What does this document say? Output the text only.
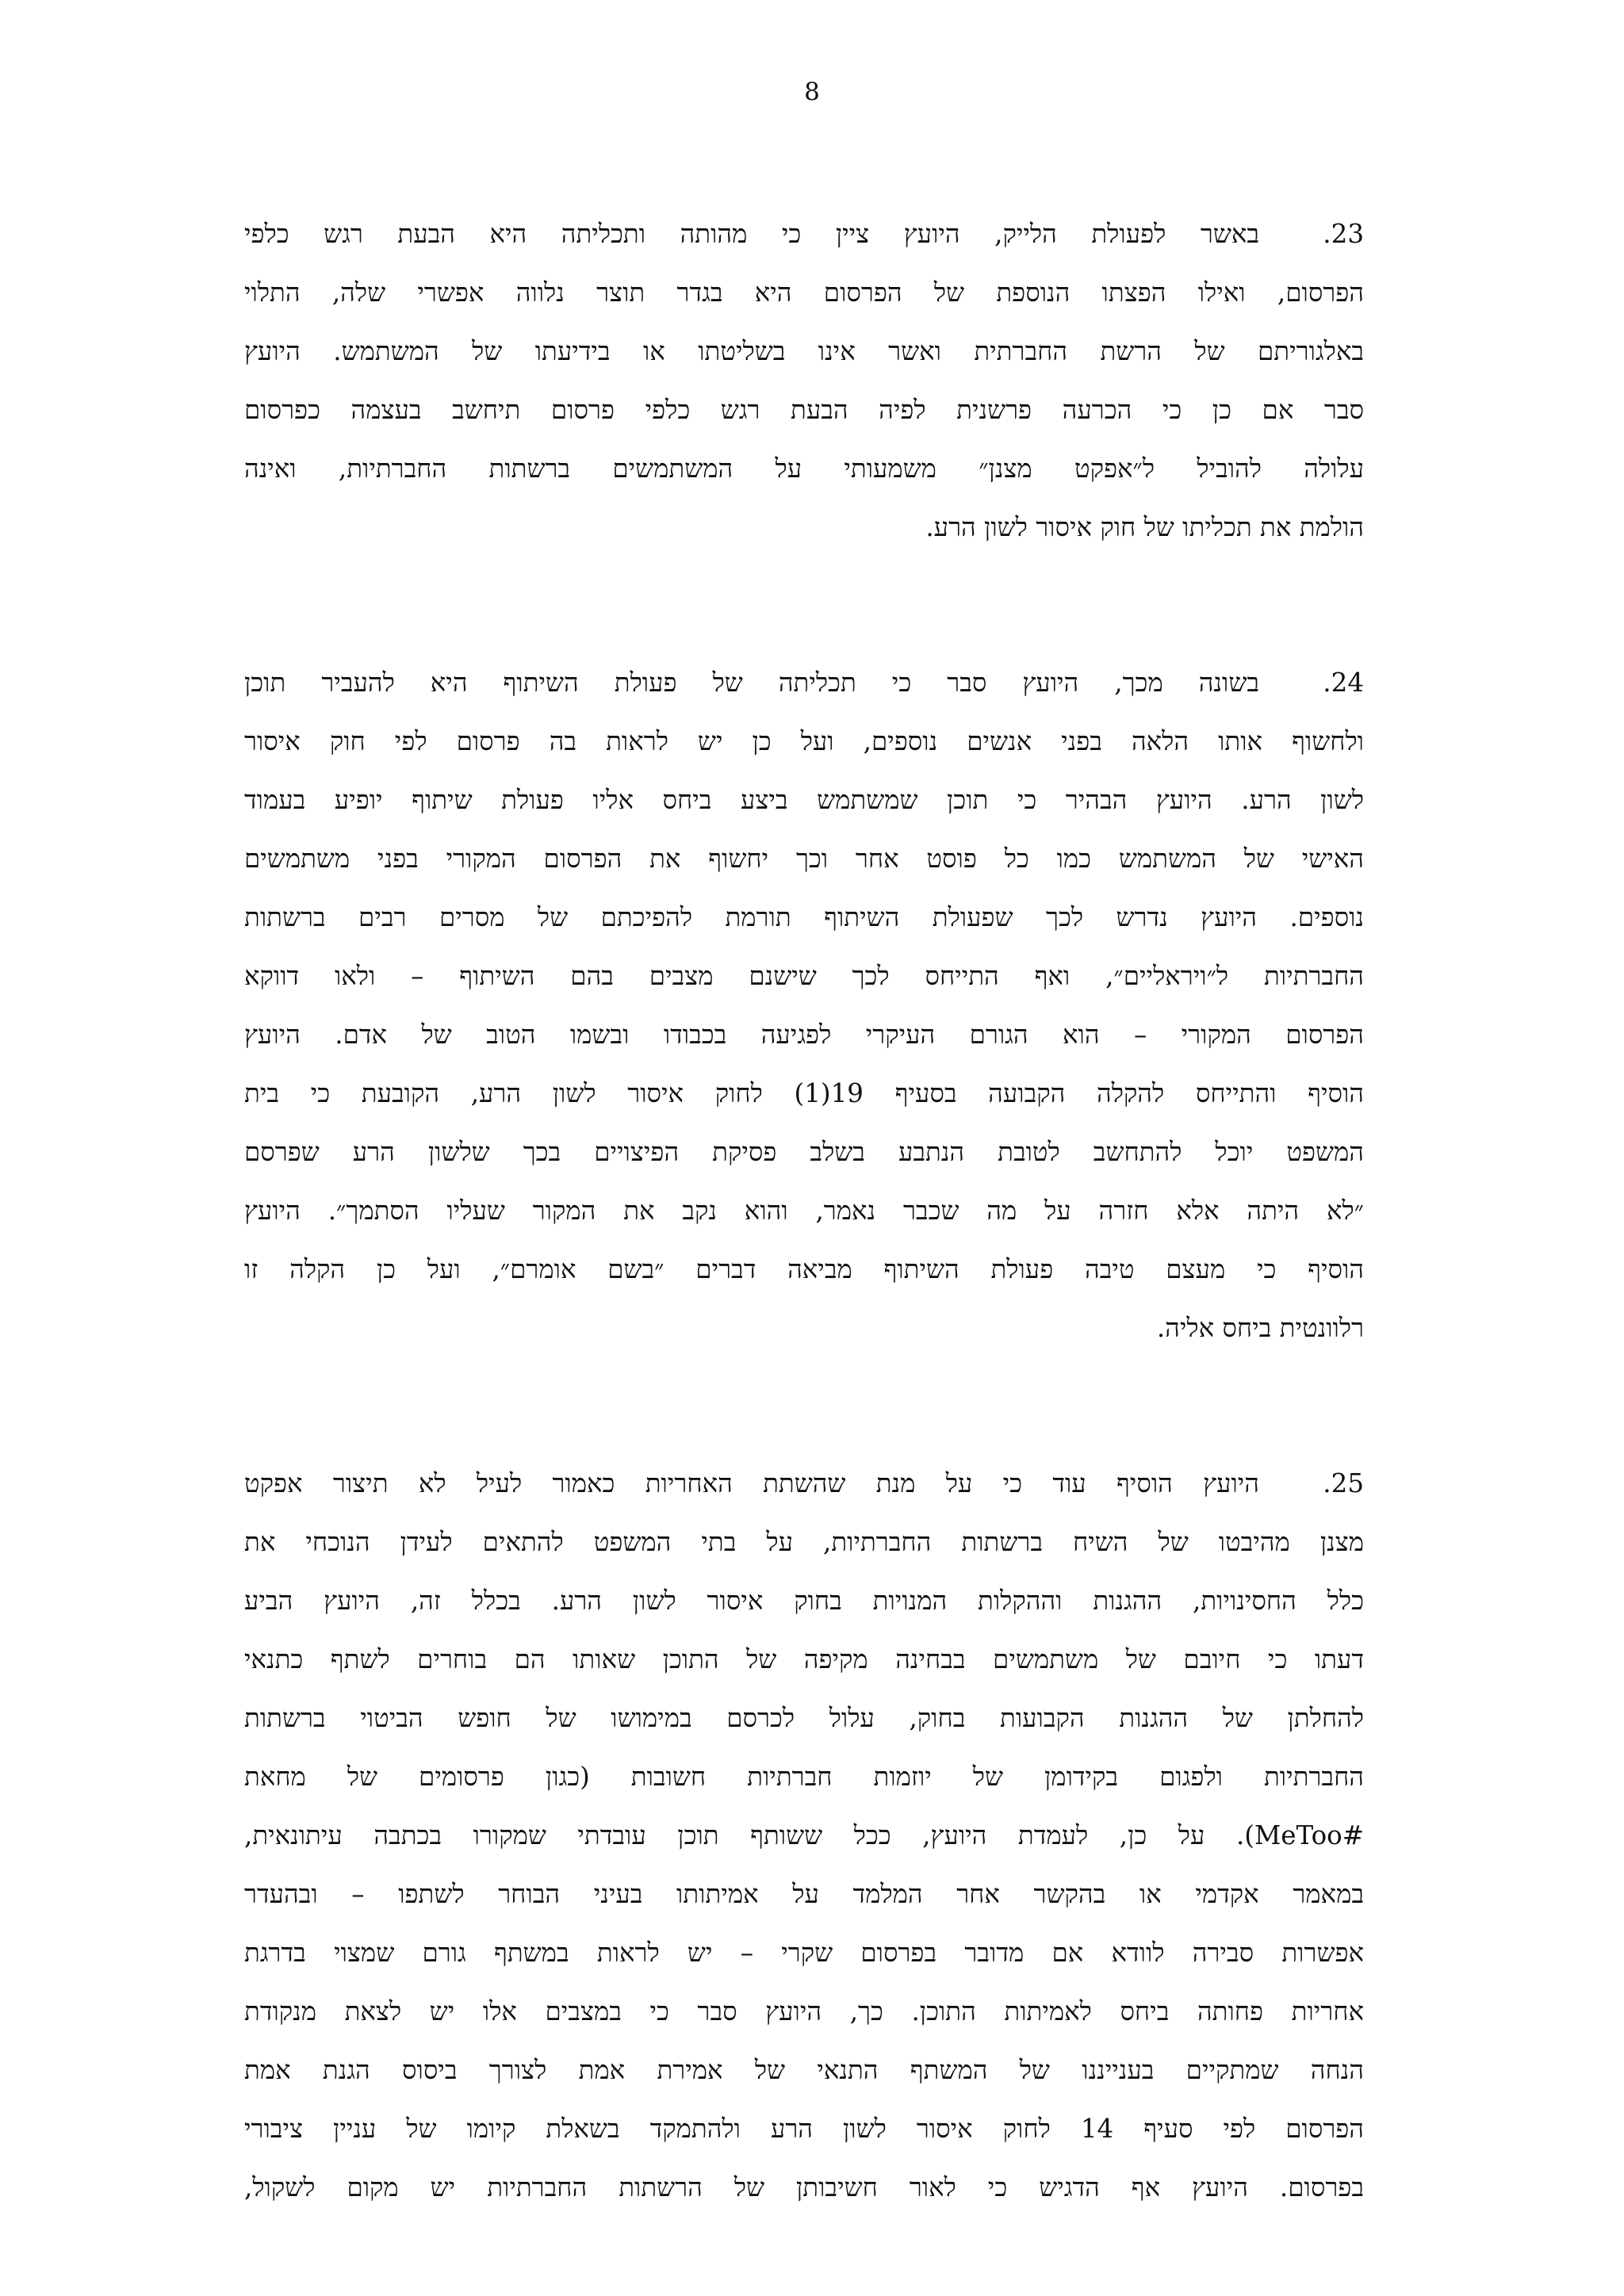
8
23.באשר לפעולת הלייק, היועץ ציין כי מהותה ותכליתה היא הבעת רגש כלפי
הפרסום, ואילו הפצתו הנוספת של הפרסום היא בגדר תוצר נלווה אפשרי שלה, התלוי
באלגוריתם של הרשת החברתית ואשר אינו בשליטתו או בידיעתו של המשתמש. היועץ
סבר אם כן כי הכרעה פרשנית לפיה הבעת רגש כלפי פרסום תיחשב בעצמה כפרסום
עלולה להוביל ל״אפקט מצנן״ משמעותי על המשתמשים ברשתות החברתיות, ואינה
הולמת את תכליתו של חוק איסור לשון הרע.
24.בשונה מכך, היועץ סבר כי תכליתה של פעולת השיתוף היא להעביר תוכן
ולחשוף אותו הלאה בפני אנשים נוספים, ועל כן יש לראות בה פרסום לפי חוק איסור
לשון הרע. היועץ הבהיר כי תוכן שמשתמש ביצע ביחס אליו פעולת שיתוף יופיע בעמוד
האישי של המשתמש כמו כל פוסט אחר וכך יחשוף את הפרסום המקורי בפני משתמשים
נוספים. היועץ נדרש לכך שפעולת השיתוף תורמת להפיכתם של מסרים רבים ברשתות
החברתיות ל״ויראליים״, ואף התייחס לכך שישנם מצבים בהם השיתוף – ולאו דווקא
הפרסום המקורי – הוא הגורם העיקרי לפגיעה בכבודו ובשמו הטוב של אדם. היועץ
הוסיף והתייחס להקלה הקבועה בסעיף 19(1) לחוק איסור לשון הרע, הקובעת כי בית
המשפט יוכל להתחשב לטובת הנתבע בשלב פסיקת הפיצויים בכך שלשון הרע שפרסם
״לא היתה אלא חזרה על מה שכבר נאמר, והוא נקב את המקור שעליו הסתמך״. היועץ
הוסיף כי מעצם טיבה פעולת השיתוף מביאה דברים ״בשם אומרם״, ועל כן הקלה זו
רלוונטית ביחס אליה.
25.היועץ הוסיף עוד כי על מנת שהשתת האחריות כאמור לעיל לא תיצור אפקט
מצנן מהיבטו של השיח ברשתות החברתיות, על בתי המשפט להתאים לעידן הנוכחי את
כלל החסינויות, ההגנות וההקלות המנויות בחוק איסור לשון הרע. בכלל זה, היועץ הביע
דעתו כי חיובם של משתמשים בבחינה מקיפה של התוכן שאותו הם בוחרים לשתף כתנאי
להחלתן של ההגנות הקבועות בחוק, עלול לכרסם במימושו של חופש הביטוי ברשתות
החברתיות ולפגום בקידומן של יוזמות חברתיות חשובות (כגון פרסומים של מחאת
#MeToo). על כן, לעמדת היועץ, ככל ששותף תוכן עובדתי שמקורו בכתבה עיתונאית,
במאמר אקדמי או בהקשר אחר המלמד על אמיתותו בעיני הבוחר לשתפו – ובהעדר
אפשרות סבירה לוודא אם מדובר בפרסום שקרי – יש לראות במשתף גורם שמצוי בדרגת
אחריות פחותה ביחס לאמיתות התוכן. כך, היועץ סבר כי במצבים אלו יש לצאת מנקודת
הנחה שמתקיים בענייננו של המשתף התנאי של אמירת אמת לצורך ביסוס הגנת אמת
הפרסום לפי סעיף 14 לחוק איסור לשון הרע ולהתמקד בשאלת קיומו של עניין ציבורי
בפרסום. היועץ אף הדגיש כי לאור חשיבותן של הרשתות החברתיות יש מקום לשקול,
